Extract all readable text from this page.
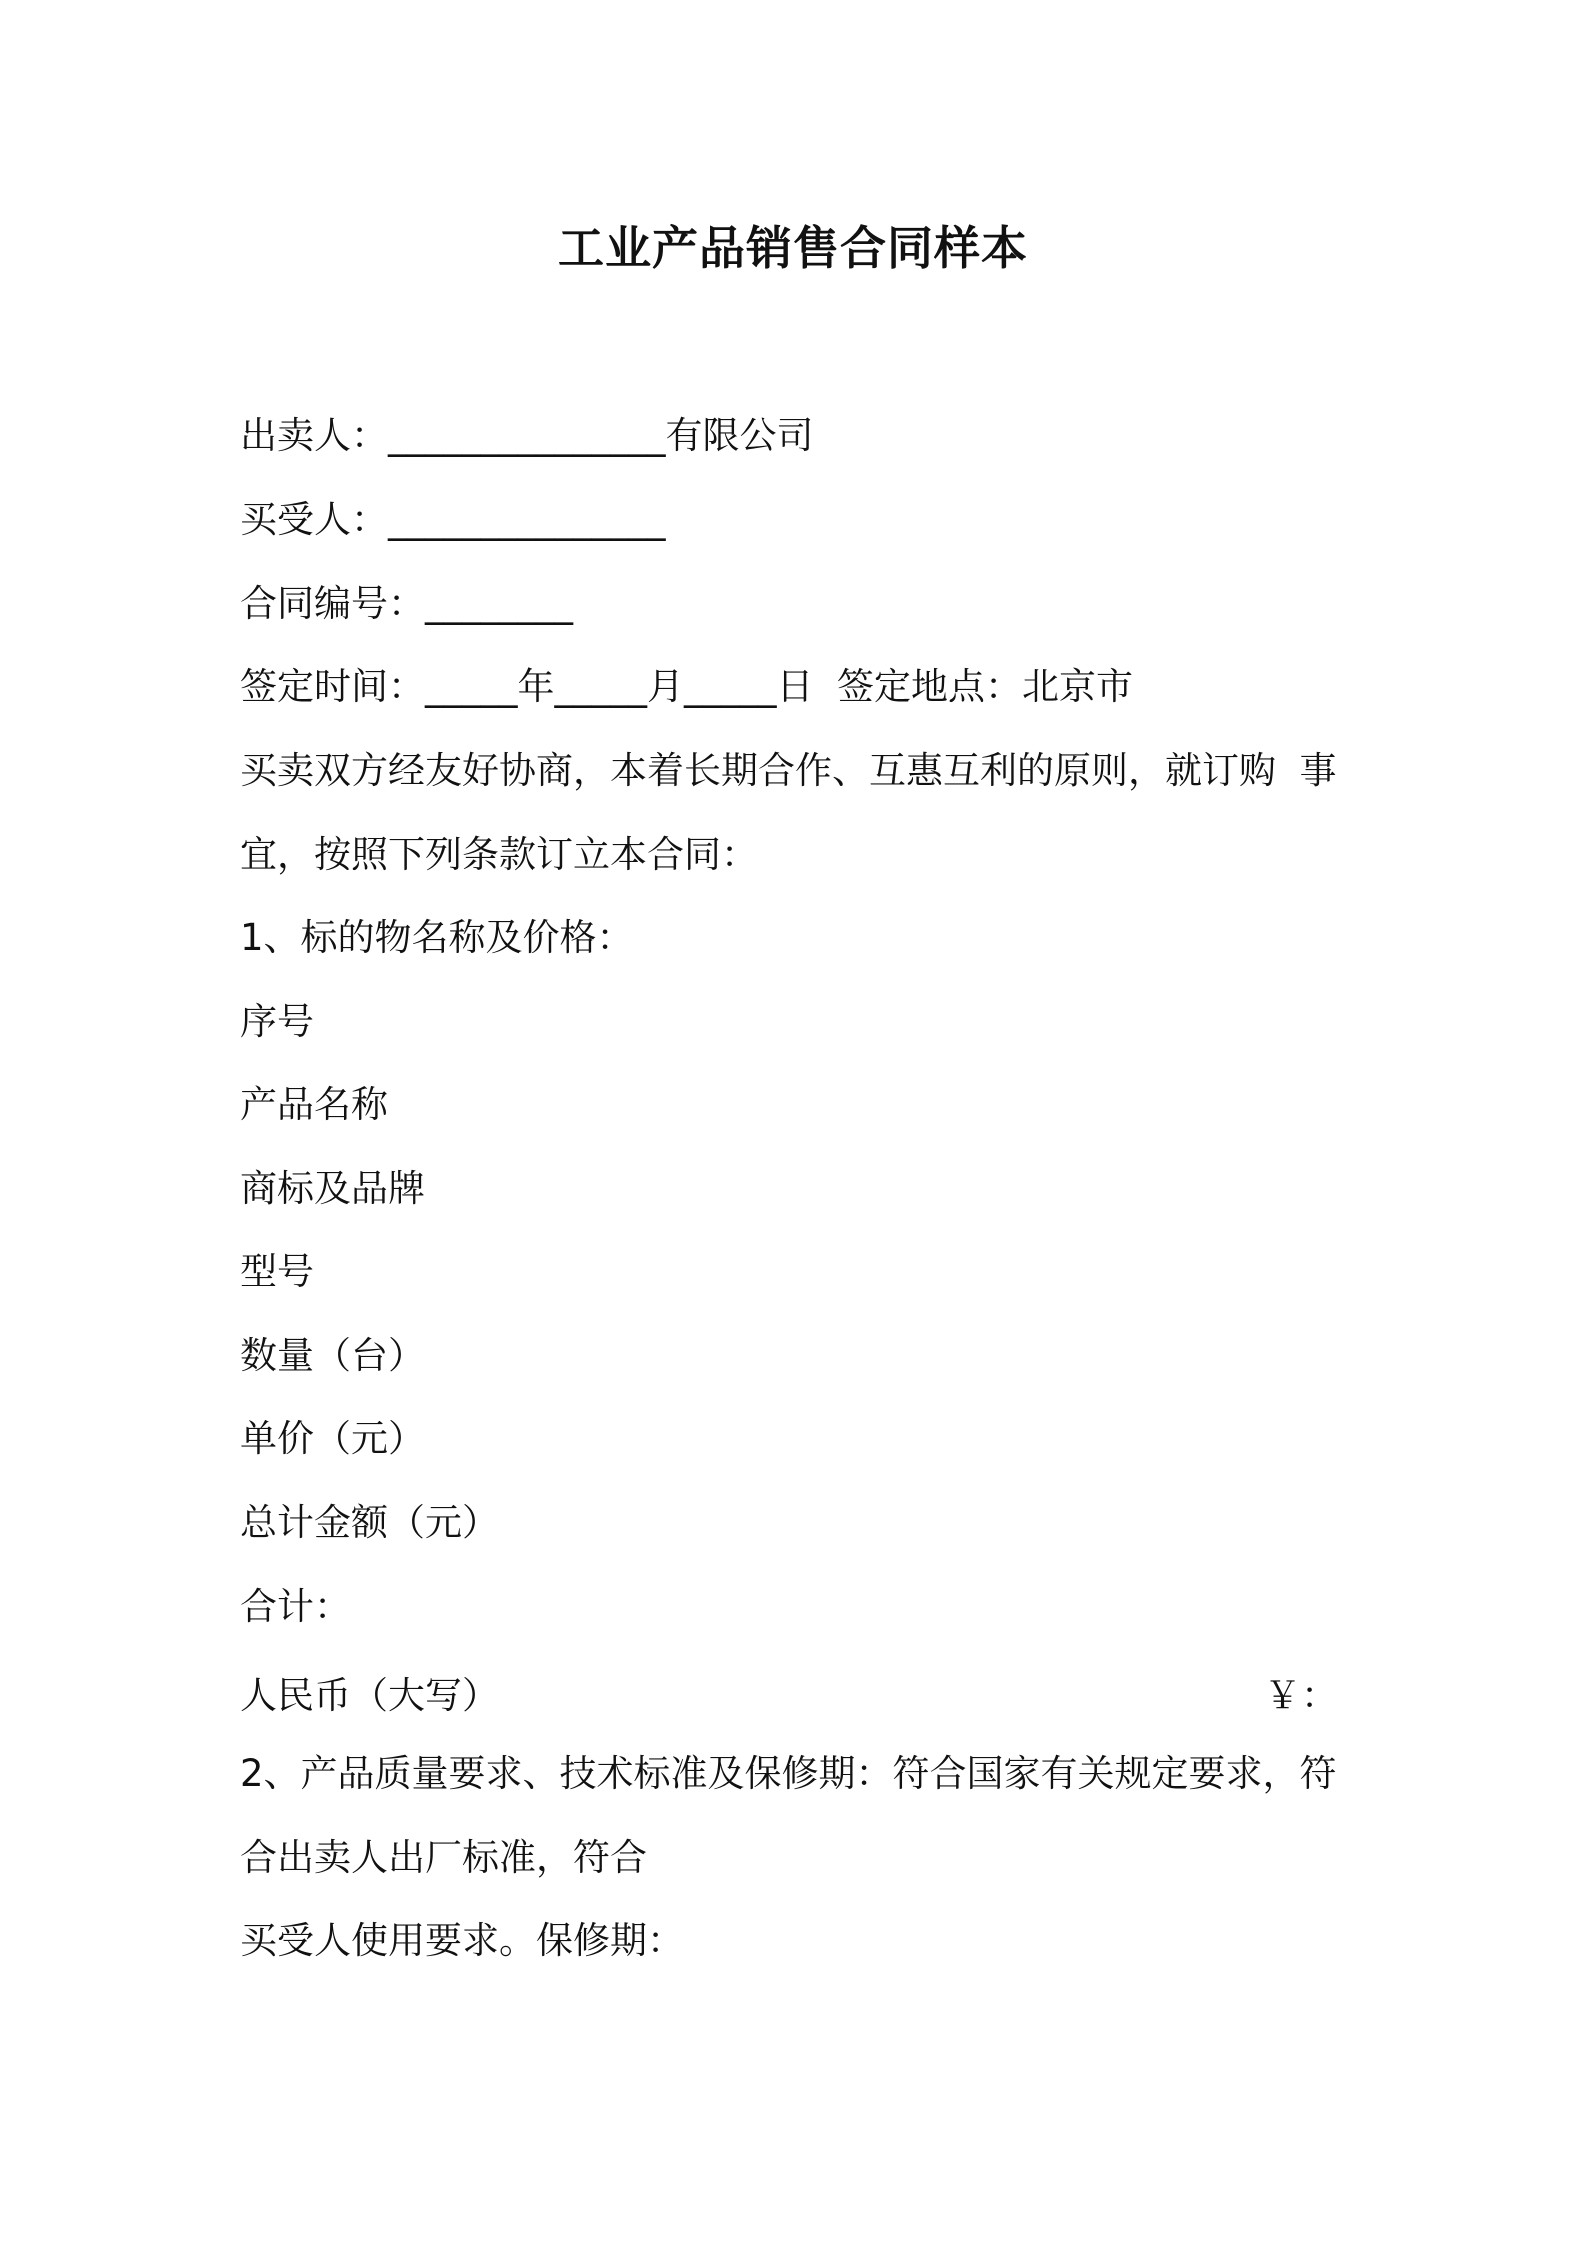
工业产品销售合同样本
出卖人：_______________有限公司
买受人：_______________
合同编号：________
签定时间：_____年_____月_____日  签定地点：北京市
买卖双方经友好协商，本着长期合作、互惠互利的原则，就订购  事
宜，按照下列条款订立本合同：
1、标的物名称及价格：
序号
产品名称
商标及品牌
型号
数量（台）
单价（元）
总计金额（元）
合计：
人民币（大写）	￥：
2、产品质量要求、技术标准及保修期：符合国家有关规定要求，符
合出卖人出厂标准，符合
买受人使用要求。保修期：
